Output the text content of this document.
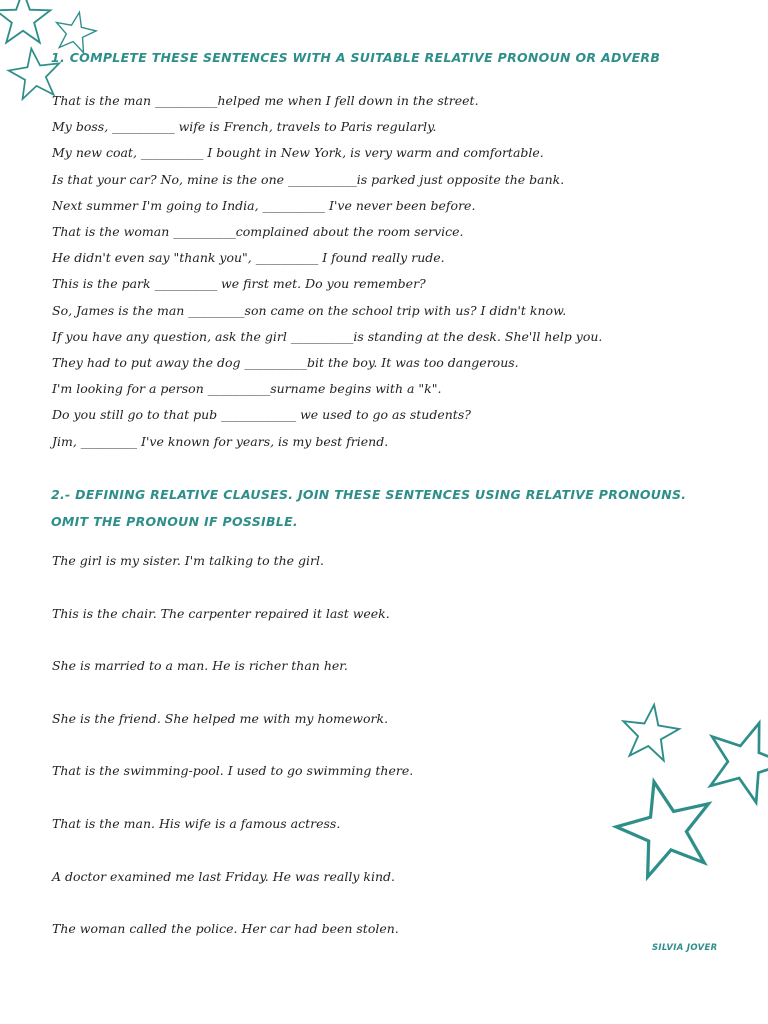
1. COMPLETE THESE SENTENCES WITH A SUITABLE RELATIVE PRONOUN OR ADVERB
That is the man __________helped me when I fell down in the street.
My boss, __________ wife is French, travels to Paris regularly.
My new coat, __________ I bought in New York, is very warm and comfortable.
Is that your car? No, mine is the one ___________is parked just opposite the bank.
Next summer I'm going to India, __________ I've never been before.
That is the woman __________complained about the room service.
He didn't even say "thank you", __________ I found really rude.
This is the park __________ we first met. Do you remember?
So, James is the man _________son came on the school trip with us? I didn't know.
If you have any question, ask the girl __________is standing at the desk. She'll help you.
They had to put away the dog __________bit the boy. It was too dangerous.
I'm looking for a person __________surname begins with a "k".
Do you still go to that pub ____________ we used to go as students?
Jim, _________ I've known for years, is my best friend.
2.- DEFINING RELATIVE CLAUSES. JOIN THESE SENTENCES USING RELATIVE PRONOUNS.
OMIT THE PRONOUN IF POSSIBLE.
The girl is my sister. I'm talking to the girl.
This is the chair. The carpenter repaired it last week.
She is married to a man. He is richer than her.
She is the friend. She helped me with my homework.
That is the swimming-pool. I used to go swimming there.
That is the man. His wife is a famous actress.
A doctor examined me last Friday. He was really kind.
The woman called the police. Her car had been stolen.
SILVIA JOVER
